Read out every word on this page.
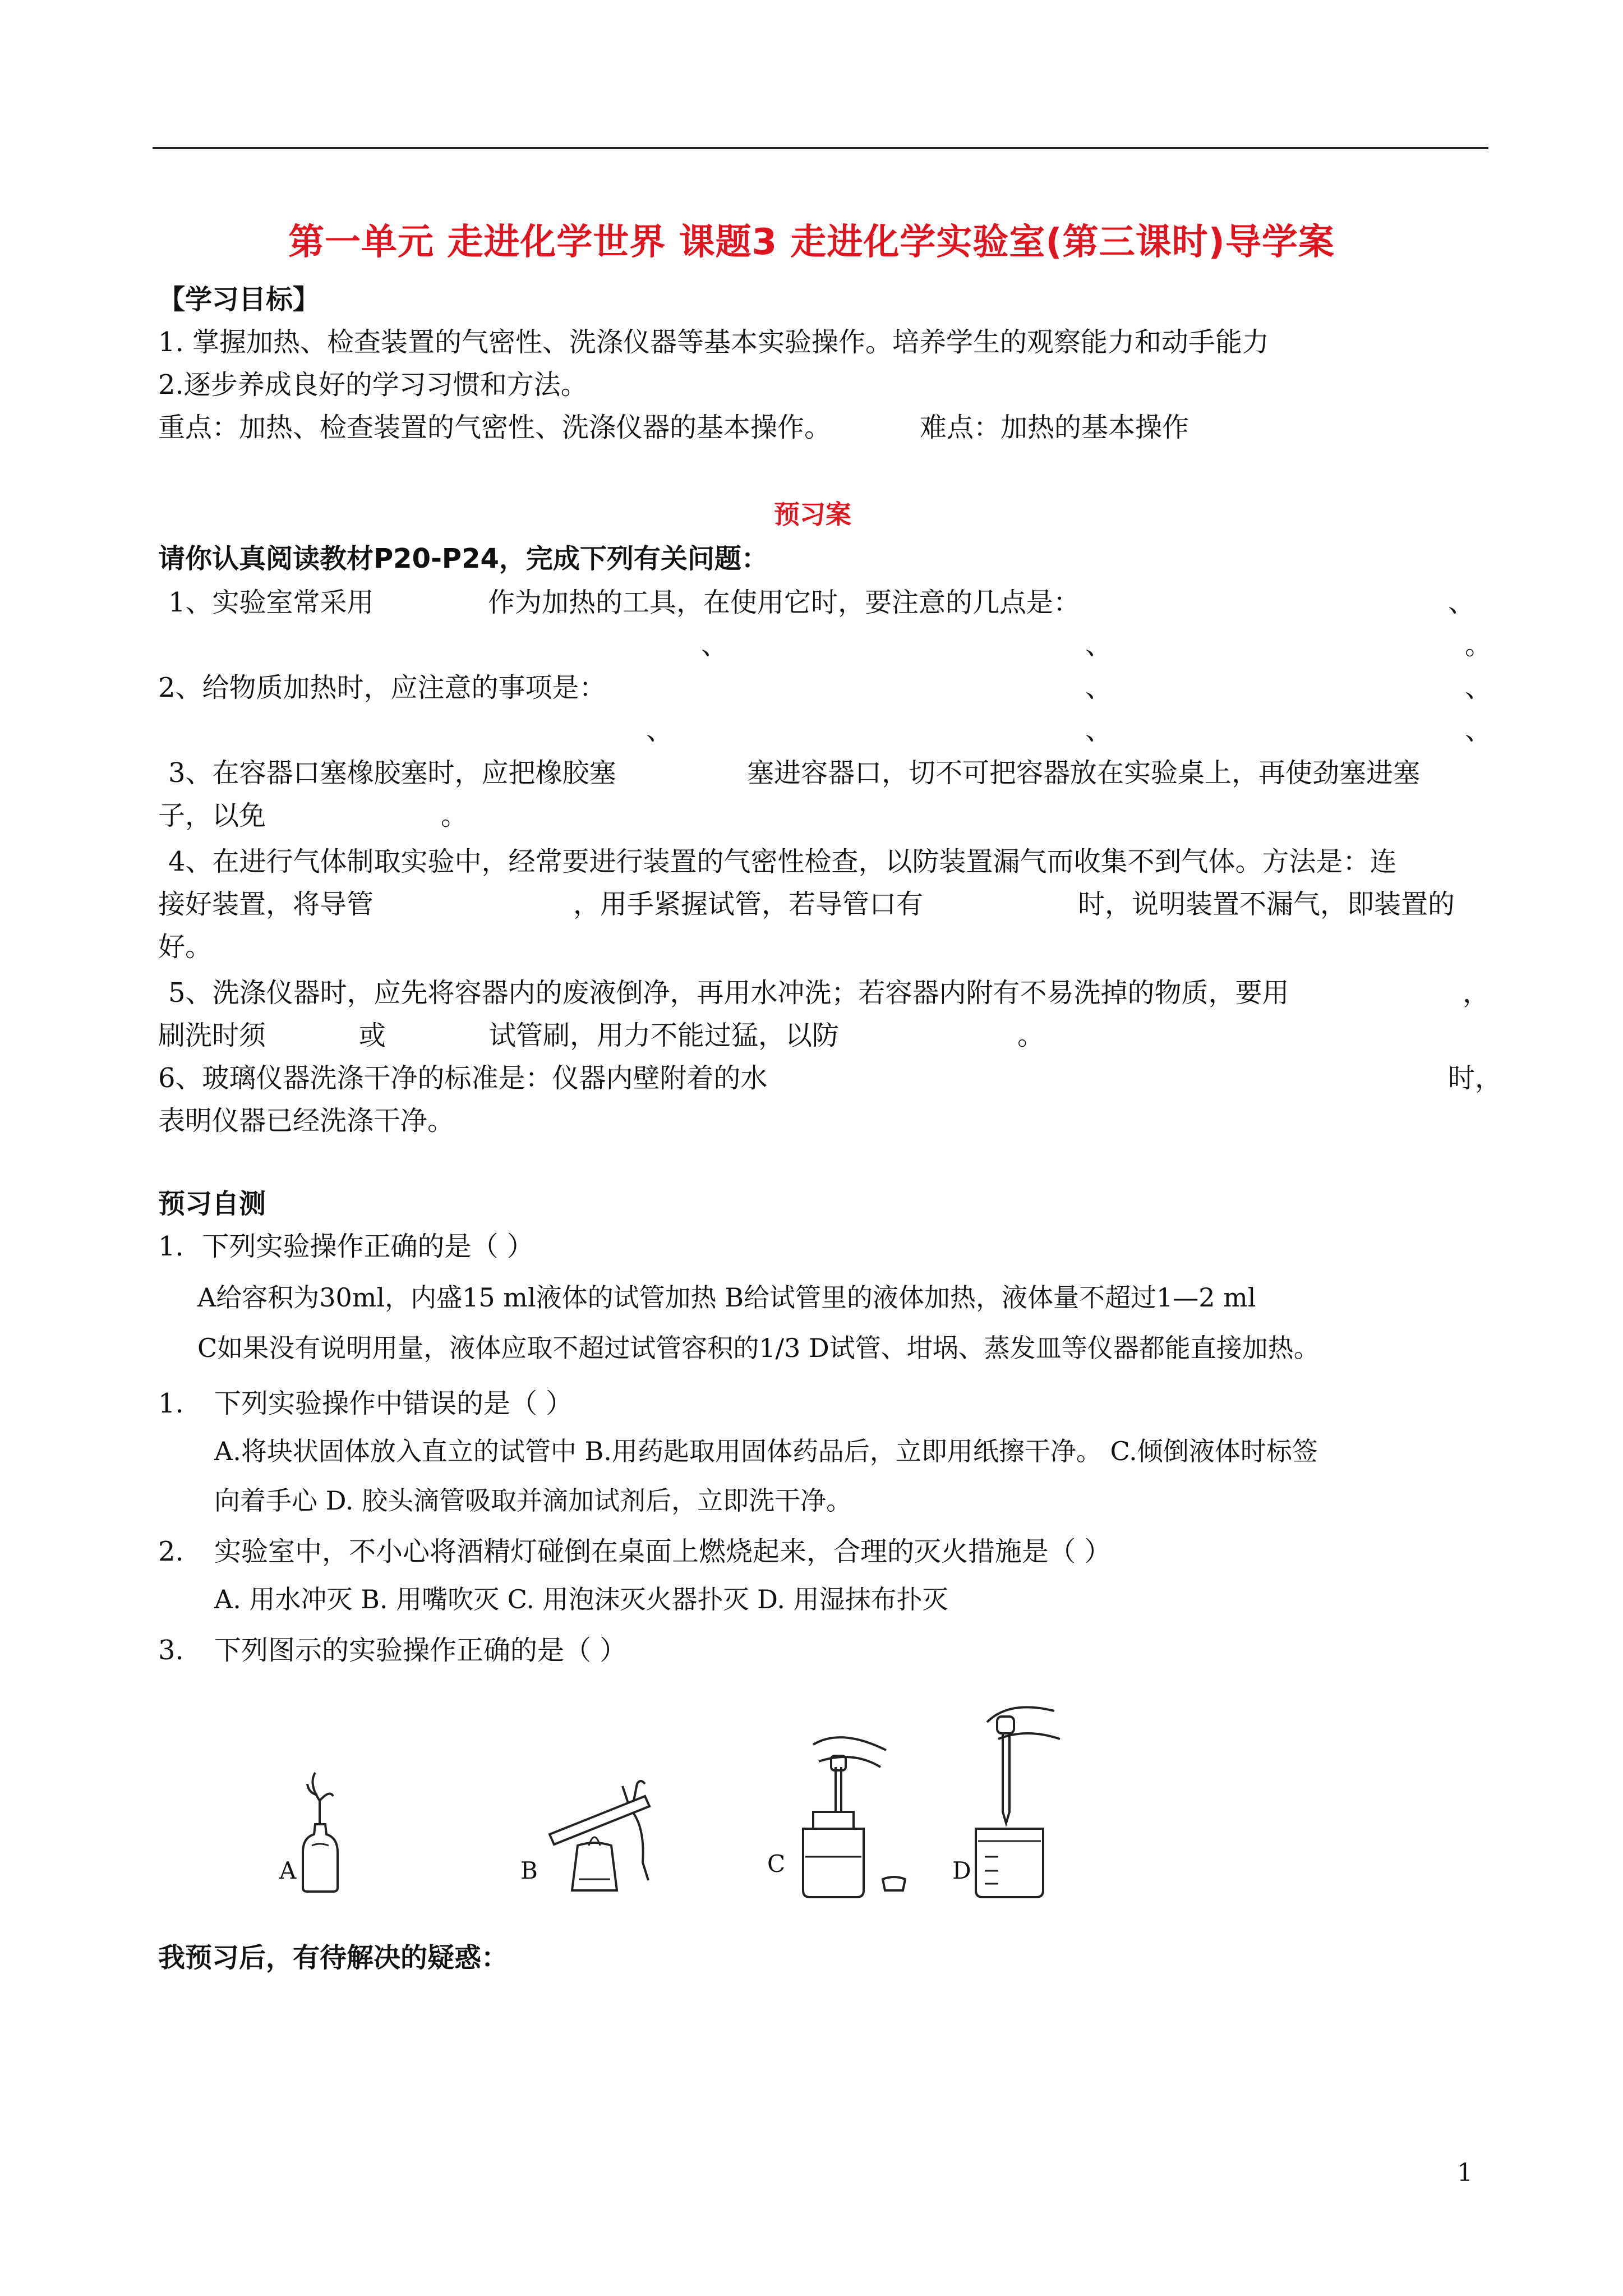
第一单元 走进化学世界 课题3 走进化学实验室(第三课时)导学案
【学习目标】
1. 掌握加热、检查装置的气密性、洗涤仪器等基本实验操作。培养学生的观察能力和动手能力
2.逐步养成良好的学习习惯和方法。
重点：加热、检查装置的气密性、洗涤仪器的基本操作。	难点：加热的基本操作
预习案
请你认真阅读教材P20-P24，完成下列有关问题：
1、实验室常采用	作为加热的工具，在使用它时，要注意的几点是：	、
、	、	。
2、给物质加热时，应注意的事项是：	、	、
、	、	、
3、在容器口塞橡胶塞时，应把橡胶塞	塞进容器口，切不可把容器放在实验桌上，再使劲塞进塞
子，以免	。
4、在进行气体制取实验中，经常要进行装置的气密性检查，以防装置漏气而收集不到气体。方法是：连
接好装置，将导管	，用手紧握试管，若导管口有	时，说明装置不漏气，即装置的
好。
5、洗涤仪器时，应先将容器内的废液倒净，再用水冲洗；若容器内附有不易洗掉的物质，要用	，
刷洗时须	或	试管刷，用力不能过猛，以防	。
6、玻璃仪器洗涤干净的标准是：仪器内壁附着的水	时，
表明仪器已经洗涤干净。
预习自测
1．下列实验操作正确的是（ ）
A给容积为30ml，内盛15 ml液体的试管加热 B给试管里的液体加热，液体量不超过1—2 ml
C如果没有说明用量，液体应取不超过试管容积的1/3 D试管、坩埚、蒸发皿等仪器都能直接加热。
1. 下列实验操作中错误的是（ ）
A.将块状固体放入直立的试管中 B.用药匙取用固体药品后，立即用纸擦干净。 C.倾倒液体时标签
向着手心 D. 胶头滴管吸取并滴加试剂后，立即洗干净。
2. 实验室中，不小心将酒精灯碰倒在桌面上燃烧起来，合理的灭火措施是（ ）
A. 用水冲灭 B. 用嘴吹灭 C. 用泡沫灭火器扑灭 D. 用湿抹布扑灭
3. 下列图示的实验操作正确的是（ ）
A	B	C	D
我预习后，有待解决的疑惑：
1
